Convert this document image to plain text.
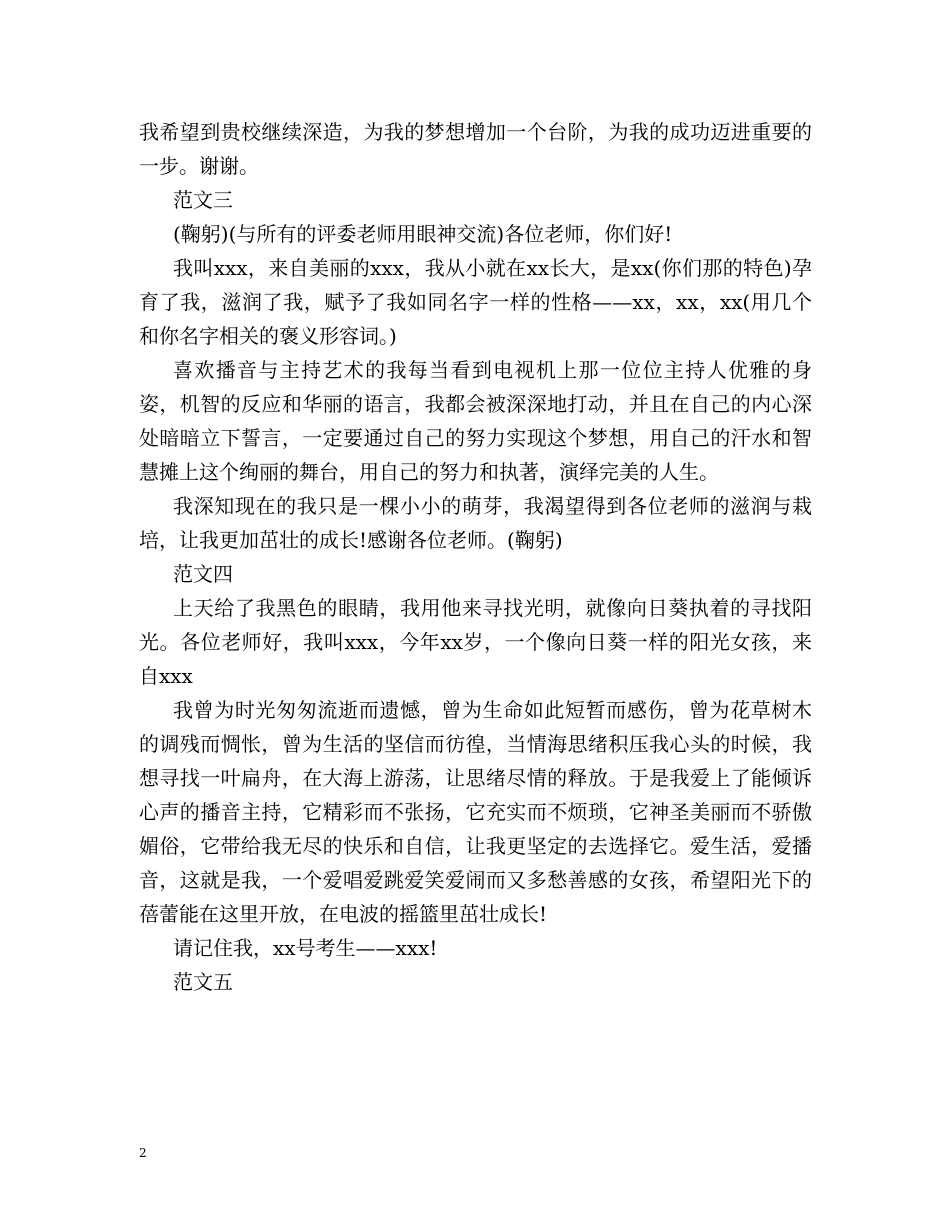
我希望到贵校继续深造，为我的梦想增加一个台阶，为我的成功迈进重要的一步。谢谢。

范文三

(鞠躬)(与所有的评委老师用眼神交流)各位老师，你们好!

我叫xxx，来自美丽的xxx，我从小就在xx长大，是xx(你们那的特色)孕育了我，滋润了我，赋予了我如同名字一样的性格——xx，xx，xx(用几个和你名字相关的褒义形容词。)

喜欢播音与主持艺术的我每当看到电视机上那一位位主持人优雅的身姿，机智的反应和华丽的语言，我都会被深深地打动，并且在自己的内心深处暗暗立下誓言，一定要通过自己的努力实现这个梦想，用自己的汗水和智慧摊上这个绚丽的舞台，用自己的努力和执著，演绎完美的人生。

我深知现在的我只是一棵小小的萌芽，我渴望得到各位老师的滋润与栽培，让我更加茁壮的成长!感谢各位老师。(鞠躬)

范文四

上天给了我黑色的眼睛，我用他来寻找光明，就像向日葵执着的寻找阳光。各位老师好，我叫xxx，今年xx岁，一个像向日葵一样的阳光女孩，来自xxx

我曾为时光匆匆流逝而遗憾，曾为生命如此短暂而感伤，曾为花草树木的调残而惆怅，曾为生活的坚信而彷徨，当情海思绪积压我心头的时候，我想寻找一叶扁舟，在大海上游荡，让思绪尽情的释放。于是我爱上了能倾诉心声的播音主持，它精彩而不张扬，它充实而不烦琐，它神圣美丽而不骄傲媚俗，它带给我无尽的快乐和自信，让我更坚定的去选择它。爱生活，爱播音，这就是我，一个爱唱爱跳爱笑爱闹而又多愁善感的女孩，希望阳光下的蓓蕾能在这里开放，在电波的摇篮里茁壮成长!

请记住我，xx号考生——xxx!

范文五

2
